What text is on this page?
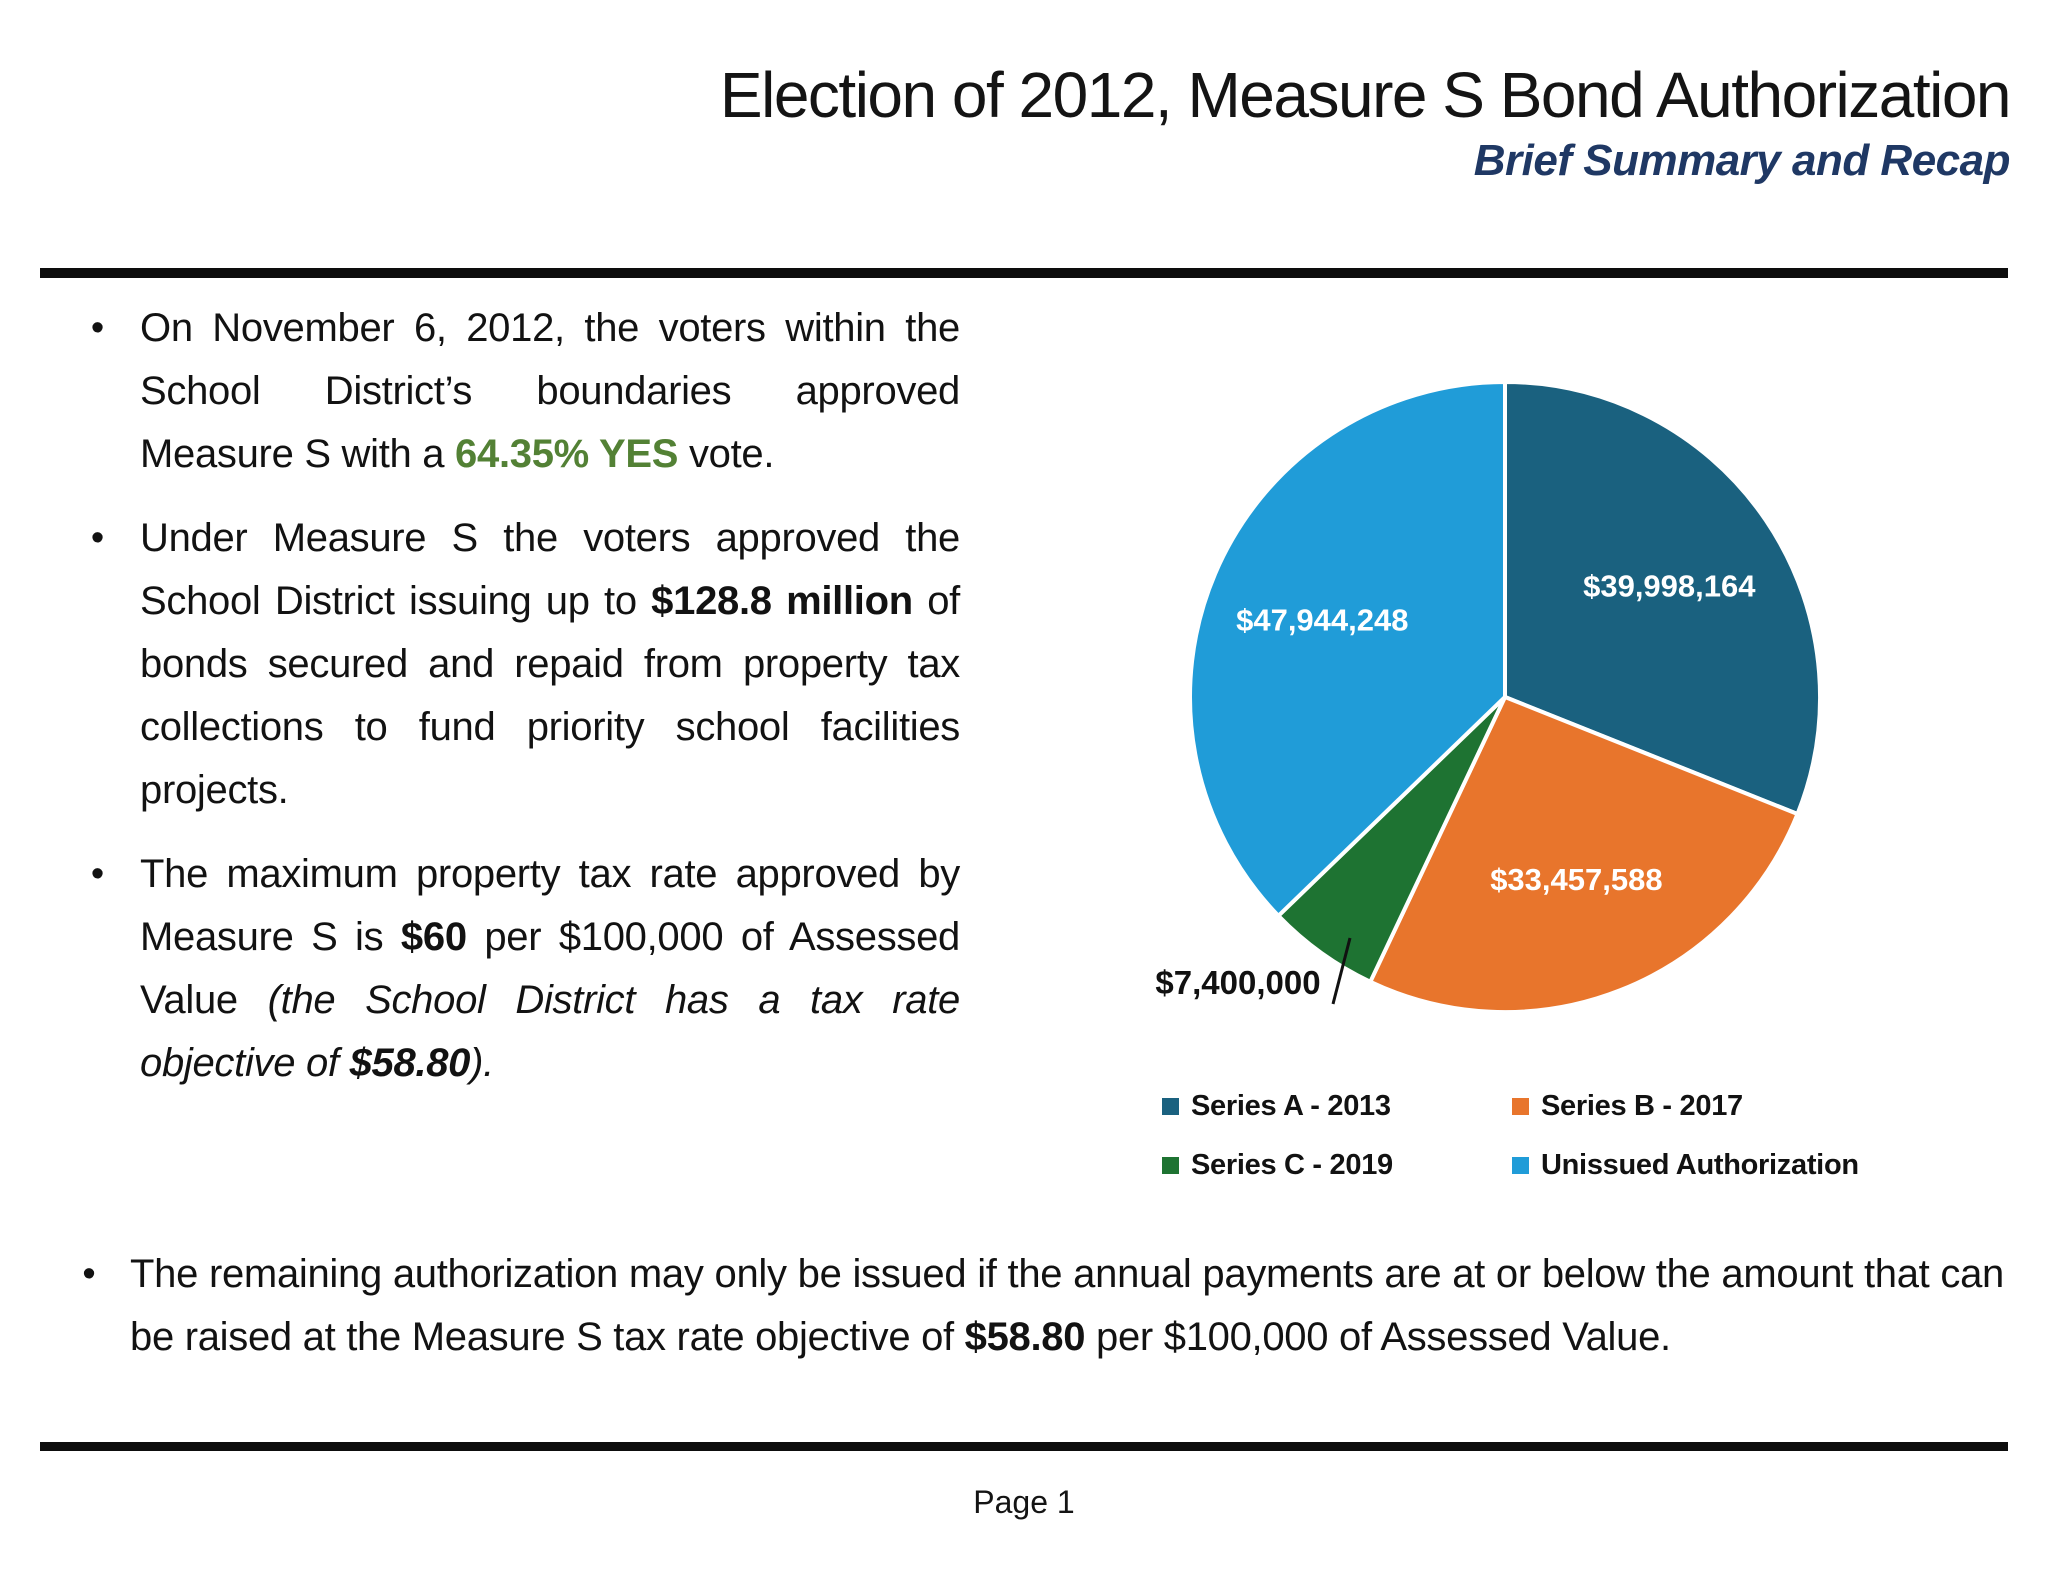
Election of 2012, Measure S Bond Authorization
Brief Summary and Recap
• On November 6, 2012, the voters within the School District’s boundaries approved Measure S with a 64.35% YES vote.

• Under Measure S the voters approved the School District issuing up to $128.8 million of bonds secured and repaid from property tax collections to fund priority school facilities projects.

• The maximum property tax rate approved by Measure S is $60 per $100,000 of Assessed Value (the School District has a tax rate objective of $58.80).

• The remaining authorization may only be issued if the annual payments are at or below the amount that can be raised at the Measure S tax rate objective of $58.80 per $100,000 of Assessed Value.

$39,998,164
$33,457,588
$7,400,000
$47,944,248
Series A - 2013	Series B - 2017
Series C - 2019	Unissued Authorization
Page 1
